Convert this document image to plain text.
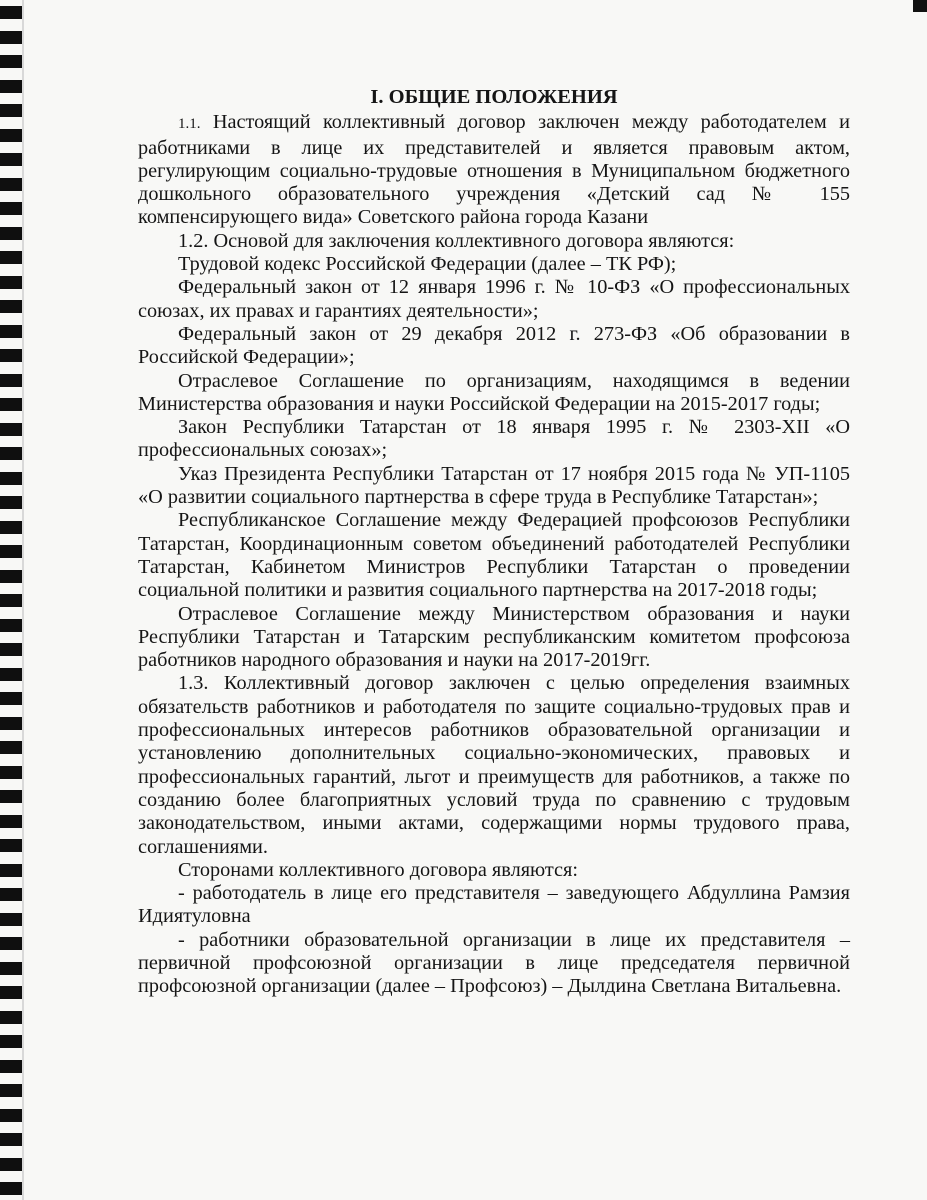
I. ОБЩИЕ ПОЛОЖЕНИЯ

1.1. Настоящий коллективный договор заключен между работодателем и работниками в лице их представителей и является правовым актом, регулирующим социально-трудовые отношения в Муниципальном бюджетного дошкольного образовательного учреждения «Детский сад № 155 компенсирующего вида» Советского района города Казани

1.2. Основой для заключения коллективного договора являются:

Трудовой кодекс Российской Федерации (далее – ТК РФ);

Федеральный закон от 12 января 1996 г. № 10-ФЗ «О профессиональных союзах, их правах и гарантиях деятельности»;

Федеральный закон от 29 декабря 2012 г. 273-ФЗ «Об образовании в Российской Федерации»;

Отраслевое Соглашение по организациям, находящимся в ведении Министерства образования и науки Российской Федерации на 2015-2017 годы;

Закон Республики Татарстан от 18 января 1995 г. № 2303-XII «О профессиональных союзах»;

Указ Президента Республики Татарстан от 17 ноября 2015 года № УП-1105 «О развитии социального партнерства в сфере труда в Республике Татарстан»;

Республиканское Соглашение между Федерацией профсоюзов Республики Татарстан, Координационным советом объединений работодателей Республики Татарстан, Кабинетом Министров Республики Татарстан о проведении социальной политики и развития социального партнерства на 2017-2018 годы;

Отраслевое Соглашение между Министерством образования и науки Республики Татарстан и Татарским республиканским комитетом профсоюза работников народного образования и науки на 2017-2019гг.

1.3. Коллективный договор заключен с целью определения взаимных обязательств работников и работодателя по защите социально-трудовых прав и профессиональных интересов работников образовательной организации и установлению дополнительных социально-экономических, правовых и профессиональных гарантий, льгот и преимуществ для работников, а также по созданию более благоприятных условий труда по сравнению с трудовым законодательством, иными актами, содержащими нормы трудового права, соглашениями.

Сторонами коллективного договора являются:

- работодатель в лице его представителя – заведующего Абдуллина Рамзия Идиятуловна

- работники образовательной организации в лице их представителя – первичной профсоюзной организации в лице председателя первичной профсоюзной организации (далее – Профсоюз) – Дылдина Светлана Витальевна.
